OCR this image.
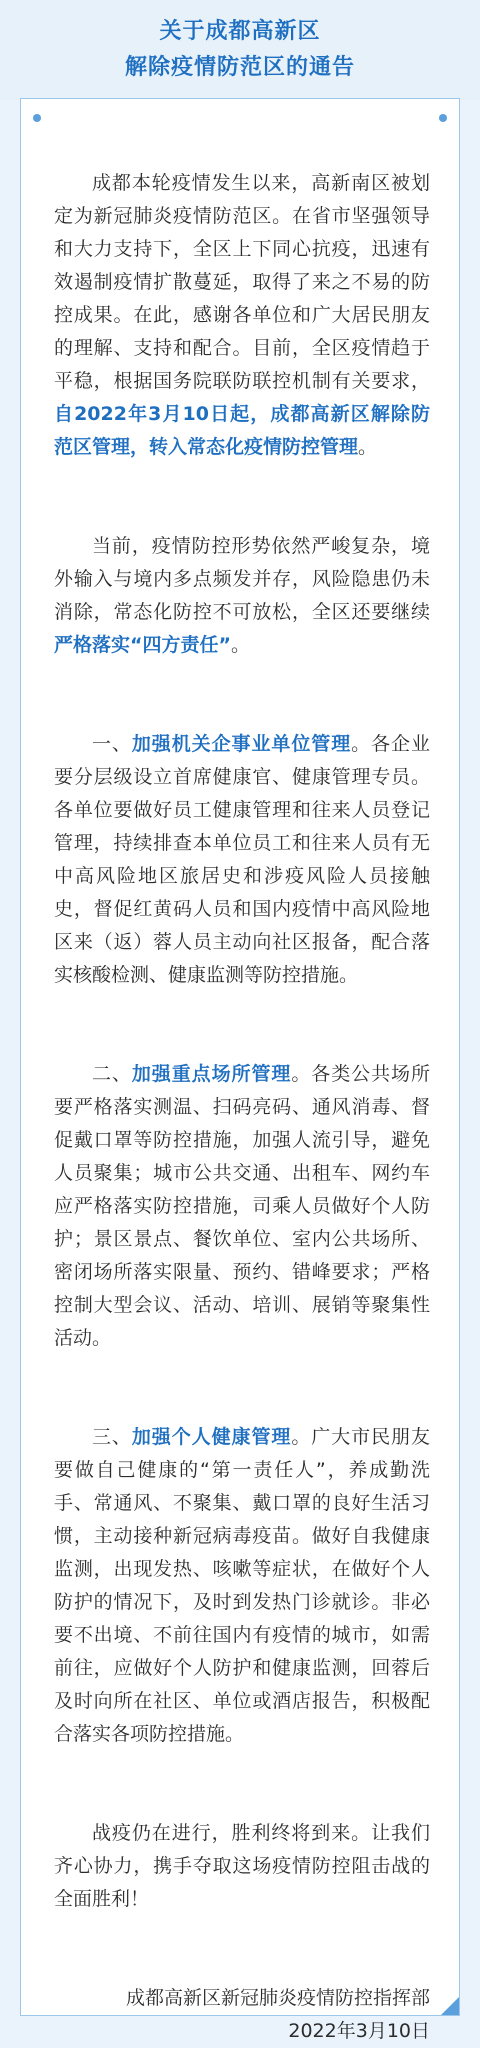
关于成都高新区
解除疫情防范区的通告

成都本轮疫情发生以来，高新南区被划定为新冠肺炎疫情防范区。在省市坚强领导和大力支持下，全区上下同心抗疫，迅速有效遏制疫情扩散蔓延，取得了来之不易的防控成果。在此，感谢各单位和广大居民朋友的理解、支持和配合。目前，全区疫情趋于平稳，根据国务院联防联控机制有关要求，自2022年3月10日起，成都高新区解除防范区管理，转入常态化疫情防控管理。

当前，疫情防控形势依然严峻复杂，境外输入与境内多点频发并存，风险隐患仍未消除，常态化防控不可放松，全区还要继续严格落实“四方责任”。

一、加强机关企事业单位管理。各企业要分层级设立首席健康官、健康管理专员。各单位要做好员工健康管理和往来人员登记管理，持续排查本单位员工和往来人员有无中高风险地区旅居史和涉疫风险人员接触史，督促红黄码人员和国内疫情中高风险地区来（返）蓉人员主动向社区报备，配合落实核酸检测、健康监测等防控措施。

二、加强重点场所管理。各类公共场所要严格落实测温、扫码亮码、通风消毒、督促戴口罩等防控措施，加强人流引导，避免人员聚集；城市公共交通、出租车、网约车应严格落实防控措施，司乘人员做好个人防护；景区景点、餐饮单位、室内公共场所、密闭场所落实限量、预约、错峰要求；严格控制大型会议、活动、培训、展销等聚集性活动。

三、加强个人健康管理。广大市民朋友要做自己健康的“第一责任人”，养成勤洗手、常通风、不聚集、戴口罩的良好生活习惯，主动接种新冠病毒疫苗。做好自我健康监测，出现发热、咳嗽等症状，在做好个人防护的情况下，及时到发热门诊就诊。非必要不出境、不前往国内有疫情的城市，如需前往，应做好个人防护和健康监测，回蓉后及时向所在社区、单位或酒店报告，积极配合落实各项防控措施。

战疫仍在进行，胜利终将到来。让我们齐心协力，携手夺取这场疫情防控阻击战的全面胜利！

成都高新区新冠肺炎疫情防控指挥部

2022年3月10日
